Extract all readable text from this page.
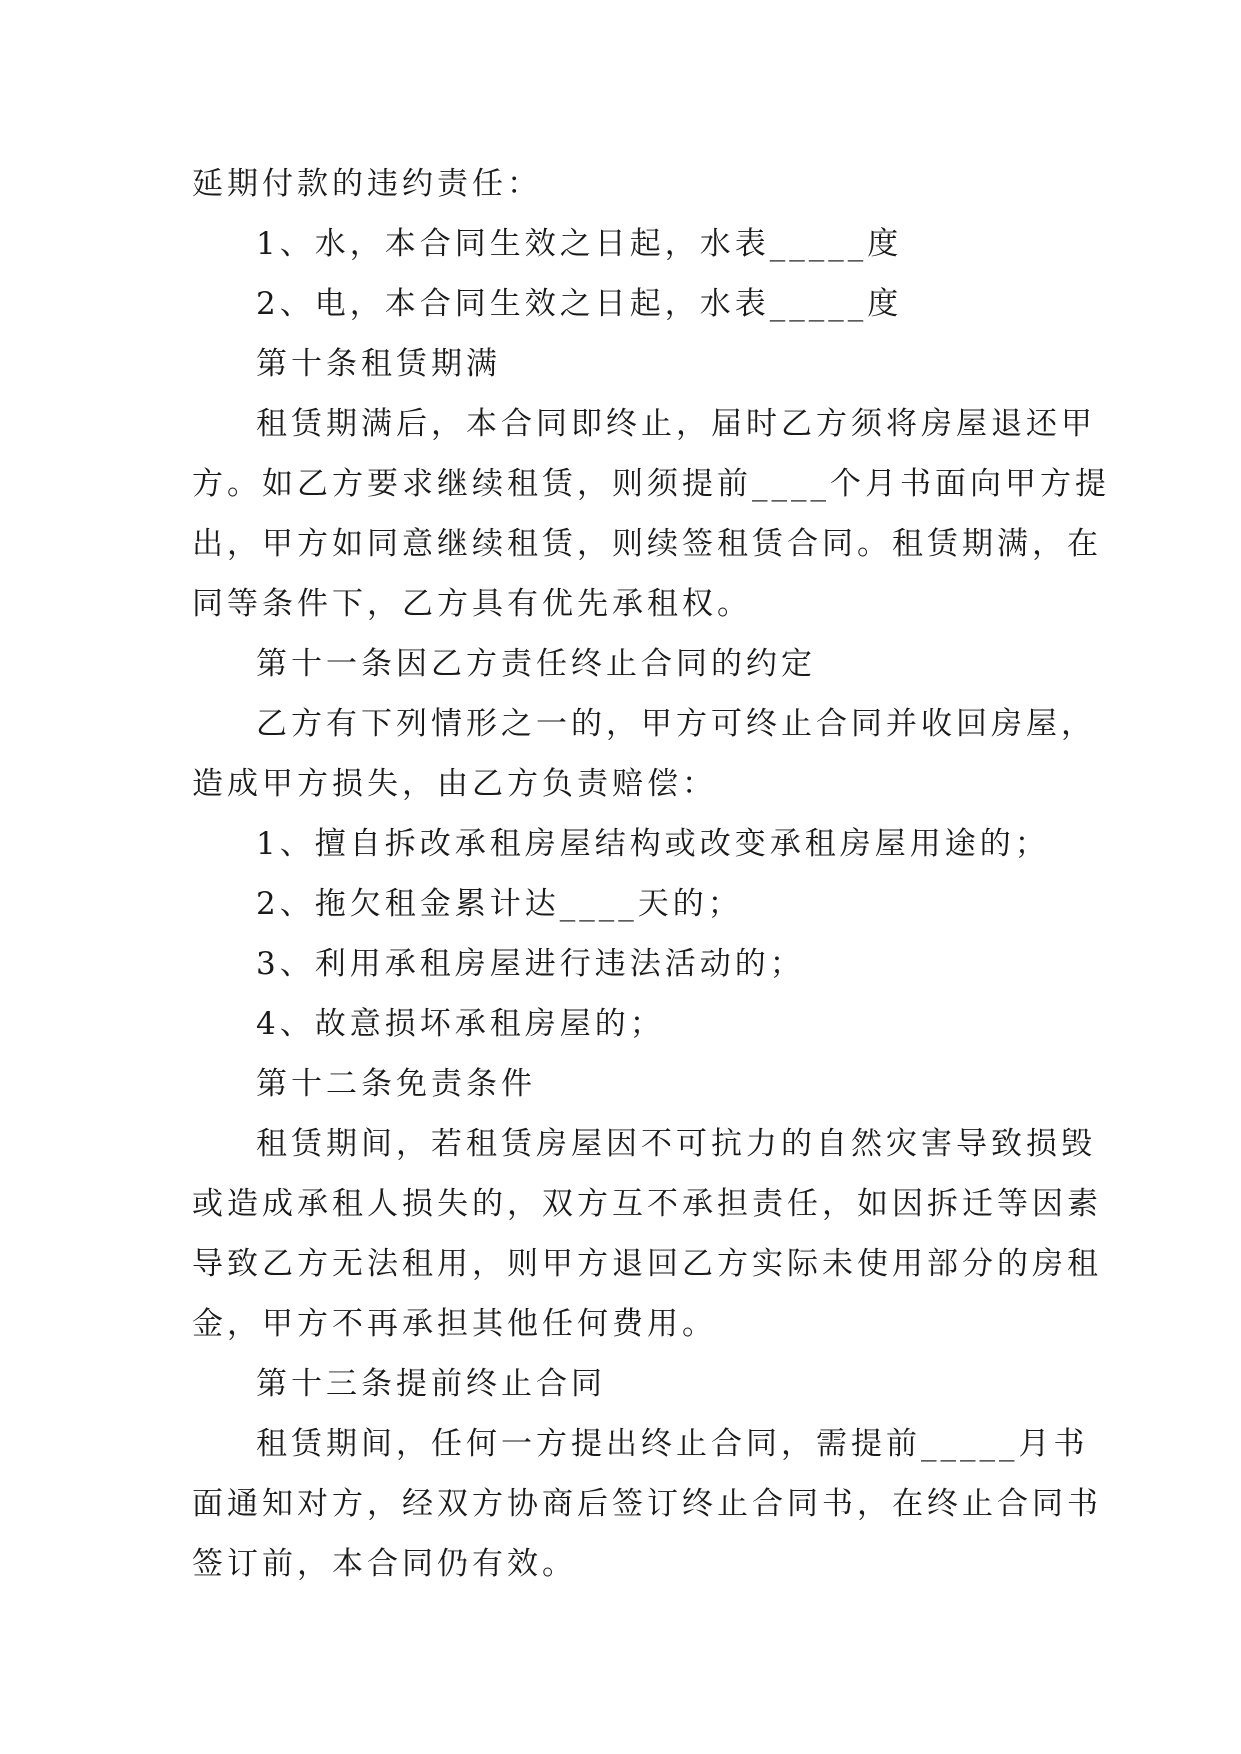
延期付款的违约责任：
1、水，本合同生效之日起，水表_____度
2、电，本合同生效之日起，水表_____度
第十条租赁期满
租赁期满后，本合同即终止，届时乙方须将房屋退还甲
方。如乙方要求继续租赁，则须提前____个月书面向甲方提
出，甲方如同意继续租赁，则续签租赁合同。租赁期满，在
同等条件下，乙方具有优先承租权。
第十一条因乙方责任终止合同的约定
乙方有下列情形之一的，甲方可终止合同并收回房屋，
造成甲方损失，由乙方负责赔偿：
1、擅自拆改承租房屋结构或改变承租房屋用途的；
2、拖欠租金累计达____天的；
3、利用承租房屋进行违法活动的；
4、故意损坏承租房屋的；
第十二条免责条件
租赁期间，若租赁房屋因不可抗力的自然灾害导致损毁
或造成承租人损失的，双方互不承担责任，如因拆迁等因素
导致乙方无法租用，则甲方退回乙方实际未使用部分的房租
金，甲方不再承担其他任何费用。
第十三条提前终止合同
租赁期间，任何一方提出终止合同，需提前_____月书
面通知对方，经双方协商后签订终止合同书，在终止合同书
签订前，本合同仍有效。
